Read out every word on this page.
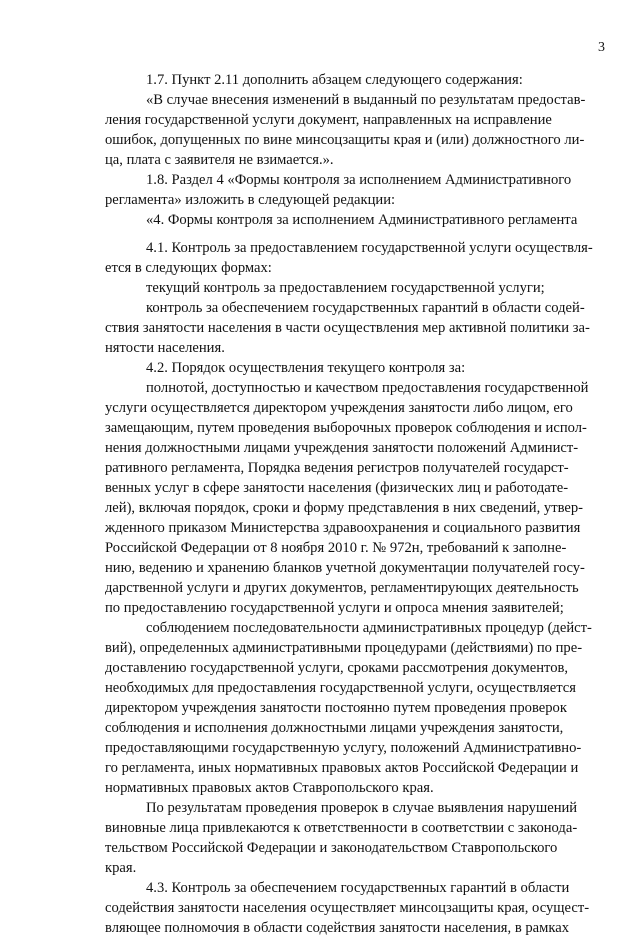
3
1.7. Пункт 2.11 дополнить абзацем следующего содержания:
«В случае внесения изменений в выданный по результатам предостав-
ления государственной услуги документ, направленных на исправление
ошибок, допущенных по вине минсоцзащиты края и (или) должностного ли-
ца, плата с заявителя не взимается.».
1.8. Раздел 4 «Формы контроля за исполнением Административного
регламента» изложить в следующей редакции:
«4. Формы контроля за исполнением Административного регламента
4.1. Контроль за предоставлением государственной услуги осуществля-
ется в следующих формах:
текущий контроль за предоставлением государственной услуги;
контроль за обеспечением государственных гарантий в области содей-
ствия занятости населения в части осуществления мер активной политики за-
нятости населения.
4.2. Порядок осуществления текущего контроля за:
полнотой, доступностью и качеством предоставления государственной
услуги осуществляется директором учреждения занятости либо лицом, его
замещающим, путем проведения выборочных проверок соблюдения и испол-
нения должностными лицами учреждения занятости положений Админист-
ративного регламента, Порядка ведения регистров получателей государст-
венных услуг в сфере занятости населения (физических лиц и работодате-
лей), включая порядок, сроки и форму представления в них сведений, утвер-
жденного приказом Министерства здравоохранения и социального развития
Российской Федерации от 8 ноября 2010 г. № 972н, требований к заполне-
нию, ведению и хранению бланков учетной документации получателей госу-
дарственной услуги и других документов, регламентирующих деятельность
по предоставлению государственной услуги и опроса мнения заявителей;
соблюдением последовательности административных процедур (дейст-
вий), определенных административными процедурами (действиями) по пре-
доставлению государственной услуги, сроками рассмотрения документов,
необходимых для предоставления государственной услуги, осуществляется
директором учреждения занятости постоянно путем проведения проверок
соблюдения и исполнения должностными лицами учреждения занятости,
предоставляющими государственную услугу, положений Административно-
го регламента, иных нормативных правовых актов Российской Федерации и
нормативных правовых актов Ставропольского края.
По результатам проведения проверок в случае выявления нарушений
виновные лица привлекаются к ответственности в соответствии с законода-
тельством Российской Федерации и законодательством Ставропольского
края.
4.3. Контроль за обеспечением государственных гарантий в области
содействия занятости населения осуществляет минсоцзащиты края, осущест-
вляющее полномочия в области содействия занятости населения, в рамках
